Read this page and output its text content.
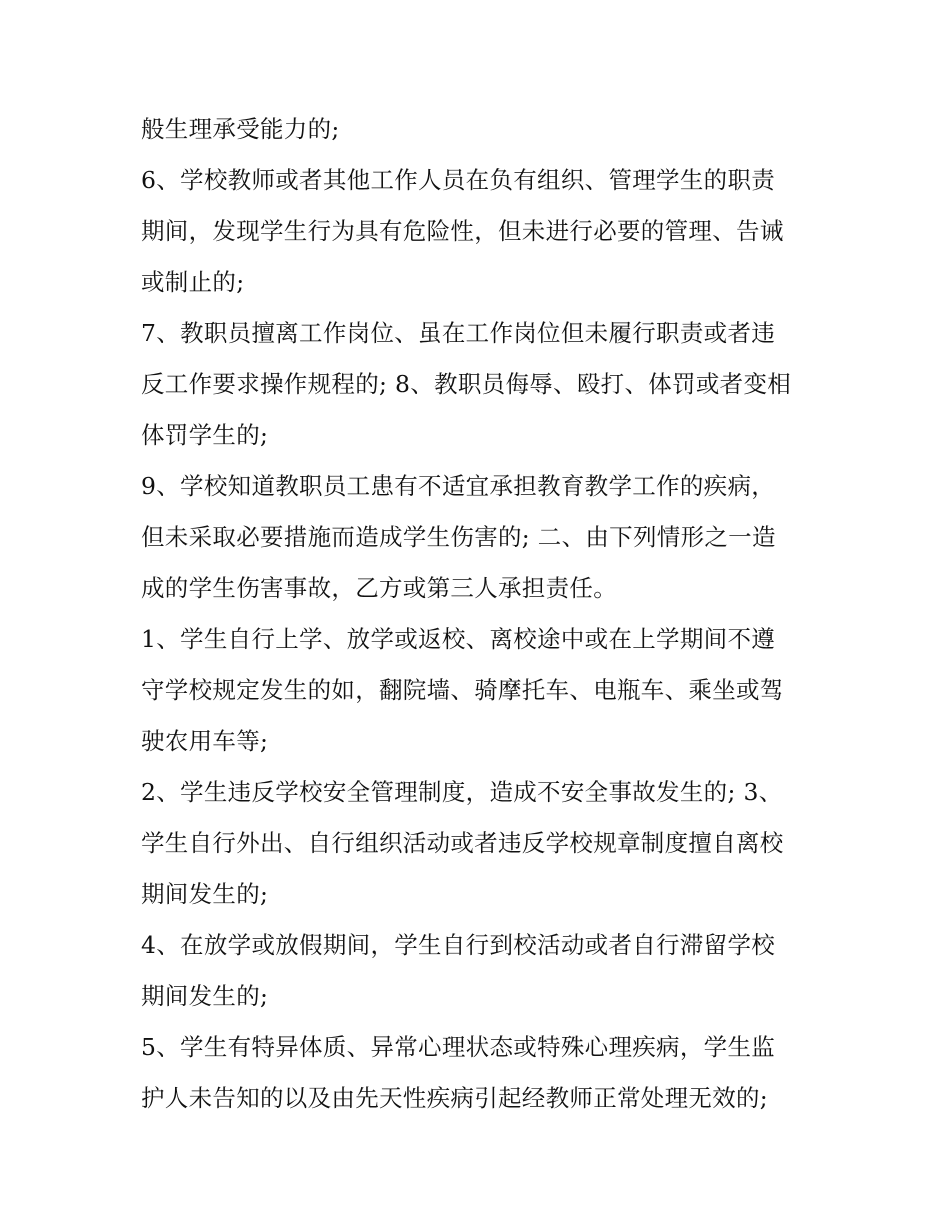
般生理承受能力的;
6、学校教师或者其他工作人员在负有组织、管理学生的职责
期间，发现学生行为具有危险性，但未进行必要的管理、告诫
或制止的;
7、教职员擅离工作岗位、虽在工作岗位但未履行职责或者违
反工作要求操作规程的; 8、教职员侮辱、殴打、体罚或者变相
体罚学生的;
9、学校知道教职员工患有不适宜承担教育教学工作的疾病，
但未采取必要措施而造成学生伤害的; 二、由下列情形之一造
成的学生伤害事故，乙方或第三人承担责任。
1、学生自行上学、放学或返校、离校途中或在上学期间不遵
守学校规定发生的如，翻院墙、骑摩托车、电瓶车、乘坐或驾
驶农用车等;
2、学生违反学校安全管理制度，造成不安全事故发生的; 3、
学生自行外出、自行组织活动或者违反学校规章制度擅自离校
期间发生的;
4、在放学或放假期间，学生自行到校活动或者自行滞留学校
期间发生的;
5、学生有特异体质、异常心理状态或特殊心理疾病，学生监
护人未告知的以及由先天性疾病引起经教师正常处理无效的;
